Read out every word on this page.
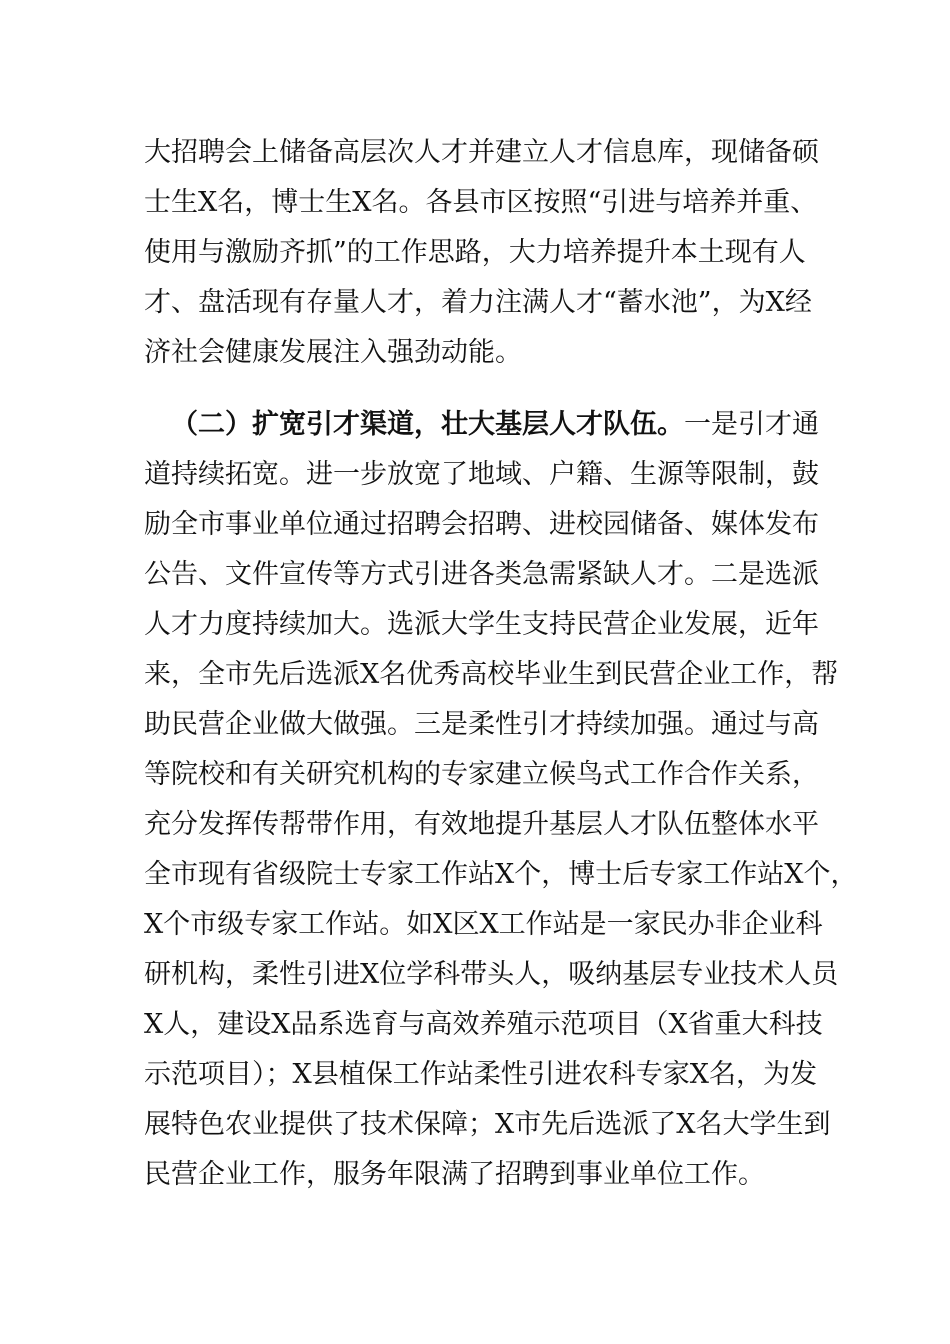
大招聘会上储备高层次人才并建立人才信息库，现储备硕
士生X名，博士生X名。各县市区按照“引进与培养并重、
使用与激励齐抓”的工作思路，大力培养提升本土现有人
才、盘活现有存量人才，着力注满人才“蓄水池”，为X经
济社会健康发展注入强劲动能。
（二）扩宽引才渠道，壮大基层人才队伍。一是引才通
道持续拓宽。进一步放宽了地域、户籍、生源等限制，鼓
励全市事业单位通过招聘会招聘、进校园储备、媒体发布
公告、文件宣传等方式引进各类急需紧缺人才。二是选派
人才力度持续加大。选派大学生支持民营企业发展，近年
来，全市先后选派X名优秀高校毕业生到民营企业工作，帮
助民营企业做大做强。三是柔性引才持续加强。通过与高
等院校和有关研究机构的专家建立候鸟式工作合作关系，
充分发挥传帮带作用，有效地提升基层人才队伍整体水平
全市现有省级院士专家工作站X个，博士后专家工作站X个，
X个市级专家工作站。如X区X工作站是一家民办非企业科
研机构，柔性引进X位学科带头人，吸纳基层专业技术人员
X人，建设X品系选育与高效养殖示范项目（X省重大科技
示范项目）；X县植保工作站柔性引进农科专家X名，为发
展特色农业提供了技术保障；X市先后选派了X名大学生到
民营企业工作，服务年限满了招聘到事业单位工作。
